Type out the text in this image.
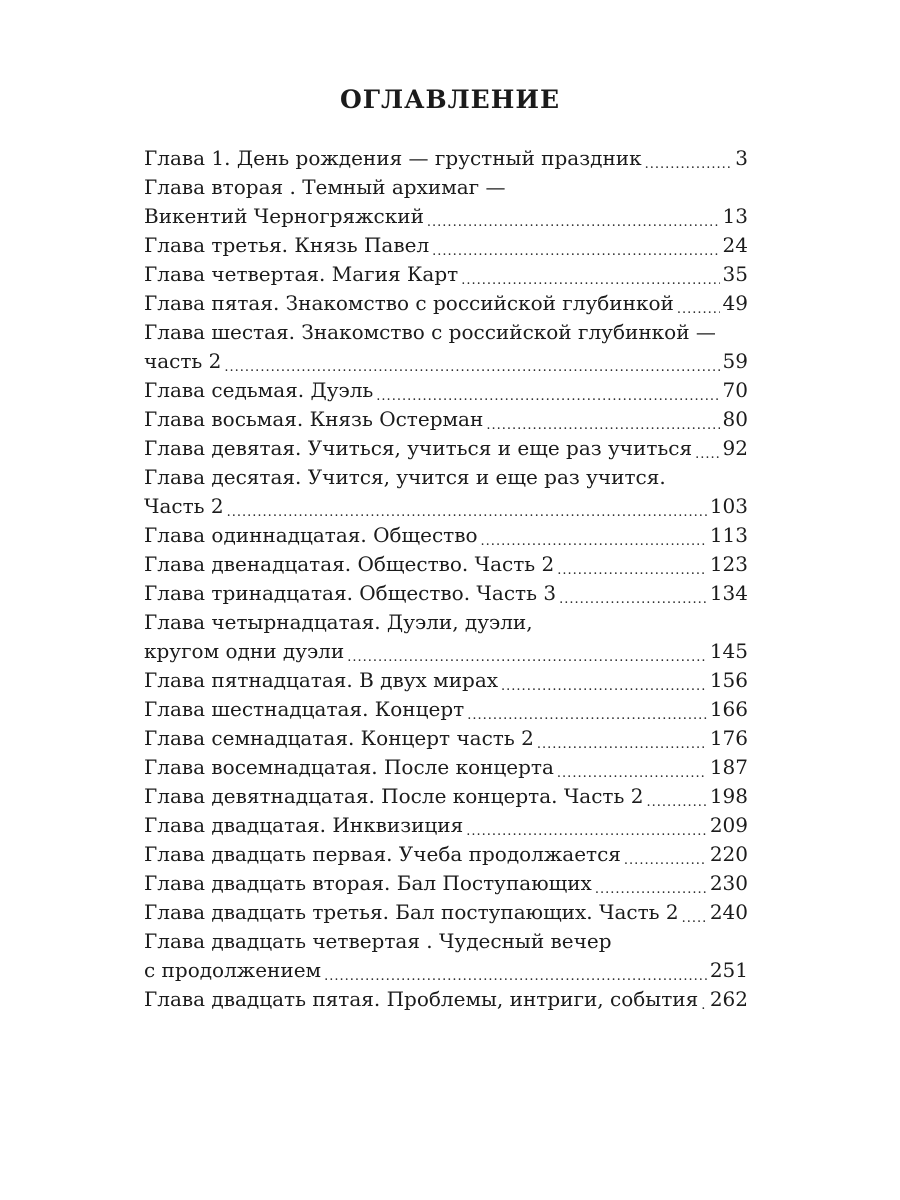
ОГЛАВЛЕНИЕ
Глава 1. День рождения — грустный праздник .....	3
Глава вторая . Темный архимаг —
Викентий Черногряжский .....	13
Глава третья. Князь Павел .....	24
Глава четвертая. Магия Карт .....	35
Глава пятая. Знакомство с российской глубинкой ..... 49
Глава шестая. Знакомство с российской глубинкой —
часть 2 .....	59
Глава седьмая. Дуэль .....	70
Глава восьмая. Князь Остерман .....	80
Глава девятая. Учиться, учиться и еще раз учиться ..... 92
Глава десятая. Учится, учится и еще раз учится.
Часть 2 .....	103
Глава одиннадцатая. Общество .....	113
Глава двенадцатая. Общество. Часть 2 .....	123
Глава тринадцатая. Общество. Часть 3 .....	134
Глава четырнадцатая. Дуэли, дуэли,
кругом одни дуэли .....	145
Глава пятнадцатая. В двух мирах .....	156
Глава шестнадцатая. Концерт .....	166
Глава семнадцатая. Концерт часть 2 .....	176
Глава восемнадцатая. После концерта .....	187
Глава девятнадцатая. После концерта. Часть 2 .....	198
Глава двадцатая. Инквизиция .....	209
Глава двадцать первая. Учеба продолжается .....	220
Глава двадцать вторая. Бал Поступающих .....	230
Глава двадцать третья. Бал поступающих. Часть 2 ..... 240
Глава двадцать четвертая . Чудесный вечер
с продолжением .....	251
Глава двадцать пятая. Проблемы, интриги, события ..... 262
